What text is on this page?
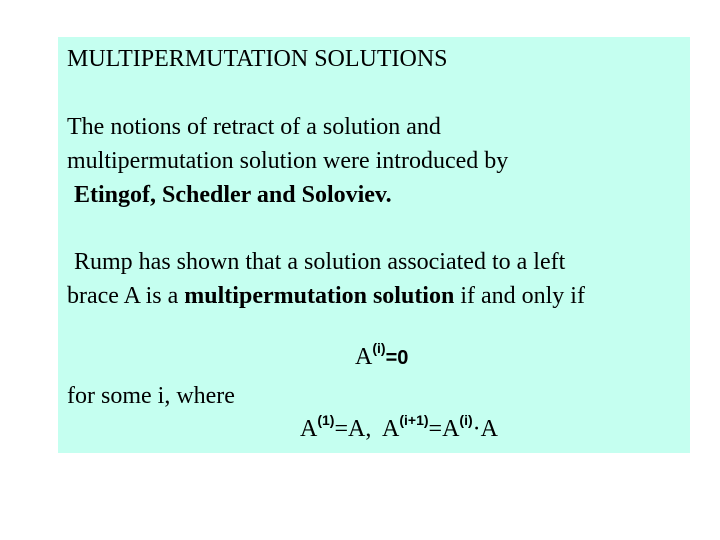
MULTIPERMUTATION SOLUTIONS
The notions of retract of a solution and
multipermutation solution were introduced by
Etingof, Schedler and Soloviev.
Rump has shown that a solution associated to a left
brace A is a multipermutation solution if and only if
$A^{(i)}=0$
for some i, where
$A^{(1)}=A$,  $A^{(i+1)}=A^{(i)}\cdot A$
